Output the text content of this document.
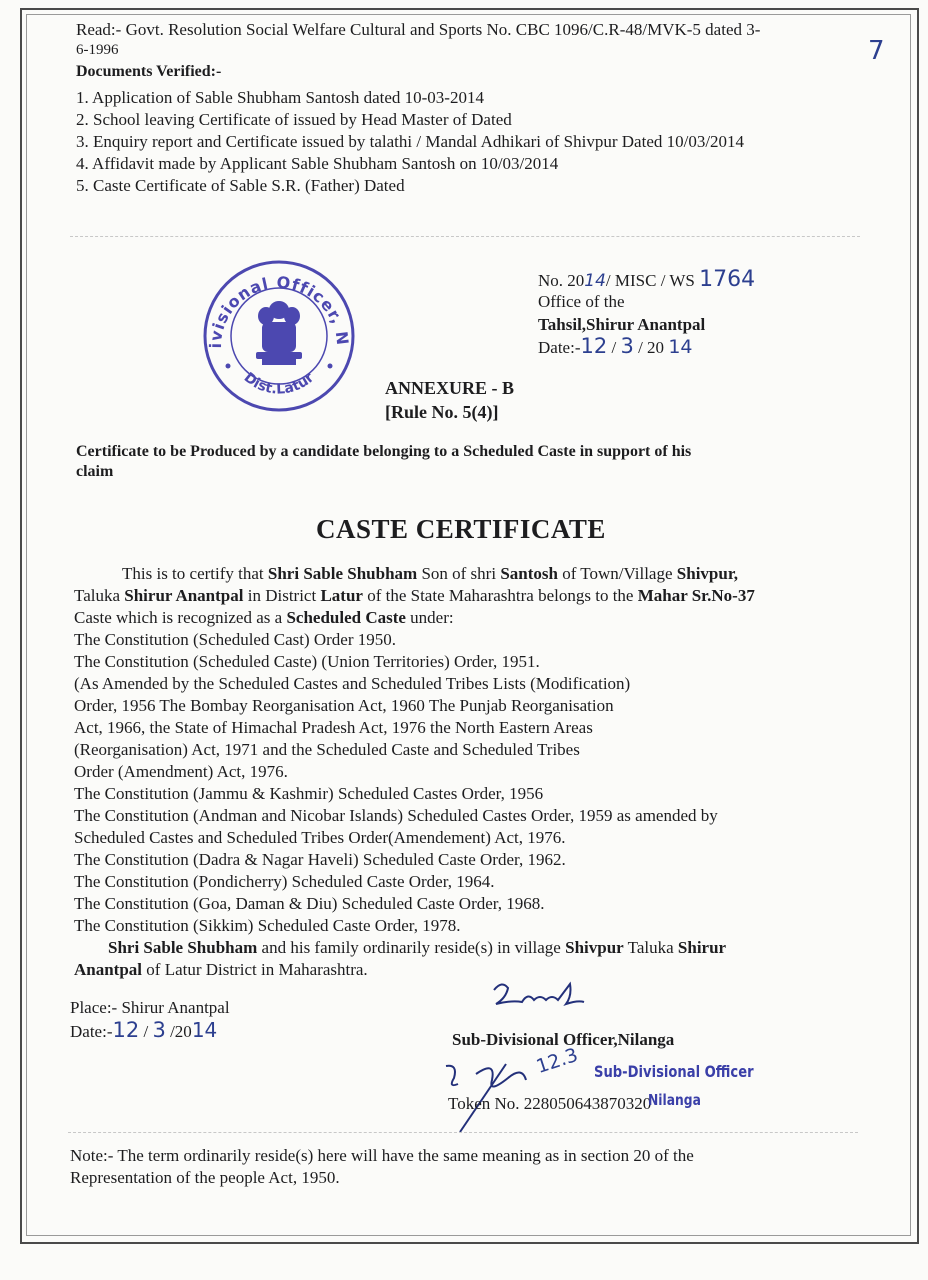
Read:- Govt. Resolution Social Welfare Cultural and Sports No. CBC 1096/C.R-48/MVK-5 dated 3-
6-1996	7
Documents Verified:-
1. Application of Sable Shubham Santosh dated 10-03-2014
2. School leaving Certificate of issued by Head Master of Dated
3. Enquiry report and Certificate issued by talathi / Mandal Adhikari of Shivpur Dated 10/03/2014
4. Affidavit made by Applicant Sable Shubham Santosh on 10/03/2014
5. Caste Certificate of Sable S.R. (Father) Dated
ivisional Officer, N
Dist.Latur
No. 2014/ MISC / WS 1764
Office of the
Tahsil,Shirur Anantpal
Date:-12 / 3 / 20 14
ANNEXURE - B
[Rule No. 5(4)]
Certificate to be Produced by a candidate belonging to a Scheduled Caste in support of his
claim
CASTE CERTIFICATE
This is to certify that Shri Sable Shubham Son of shri Santosh of Town/Village Shivpur,
Taluka Shirur Anantpal in District Latur of the State Maharashtra belongs to the Mahar Sr.No-37
Caste which is recognized as a Scheduled Caste under:
The Constitution (Scheduled Cast) Order 1950.
The Constitution (Scheduled Caste) (Union Territories) Order, 1951.
(As Amended by the Scheduled Castes and Scheduled Tribes Lists (Modification)
Order, 1956 The Bombay Reorganisation Act, 1960 The Punjab Reorganisation
Act, 1966, the State of Himachal Pradesh Act, 1976 the North Eastern Areas
(Reorganisation) Act, 1971 and the Scheduled Caste and Scheduled Tribes
Order (Amendment) Act, 1976.
The Constitution (Jammu & Kashmir) Scheduled Castes Order, 1956
The Constitution (Andman and Nicobar Islands) Scheduled Castes Order, 1959 as amended by
Scheduled Castes and Scheduled Tribes Order(Amendement) Act, 1976.
The Constitution (Dadra & Nagar Haveli) Scheduled Caste Order, 1962.
The Constitution (Pondicherry) Scheduled Caste Order, 1964.
The Constitution (Goa, Daman & Diu) Scheduled Caste Order, 1968.
The Constitution (Sikkim) Scheduled Caste Order, 1978.
Shri Sable Shubham and his family ordinarily reside(s) in village Shivpur Taluka Shirur
Anantpal of Latur District in Maharashtra.
Place:- Shirur Anantpal
Date:-12 / 3 /2014	Sub-Divisional Officer,Nilanga
Sub-Divisional Officer
12.3
Token No. 228050643870320
Nilanga
Note:- The term ordinarily reside(s) here will have the same meaning as in section 20 of the
Representation of the people Act, 1950.
